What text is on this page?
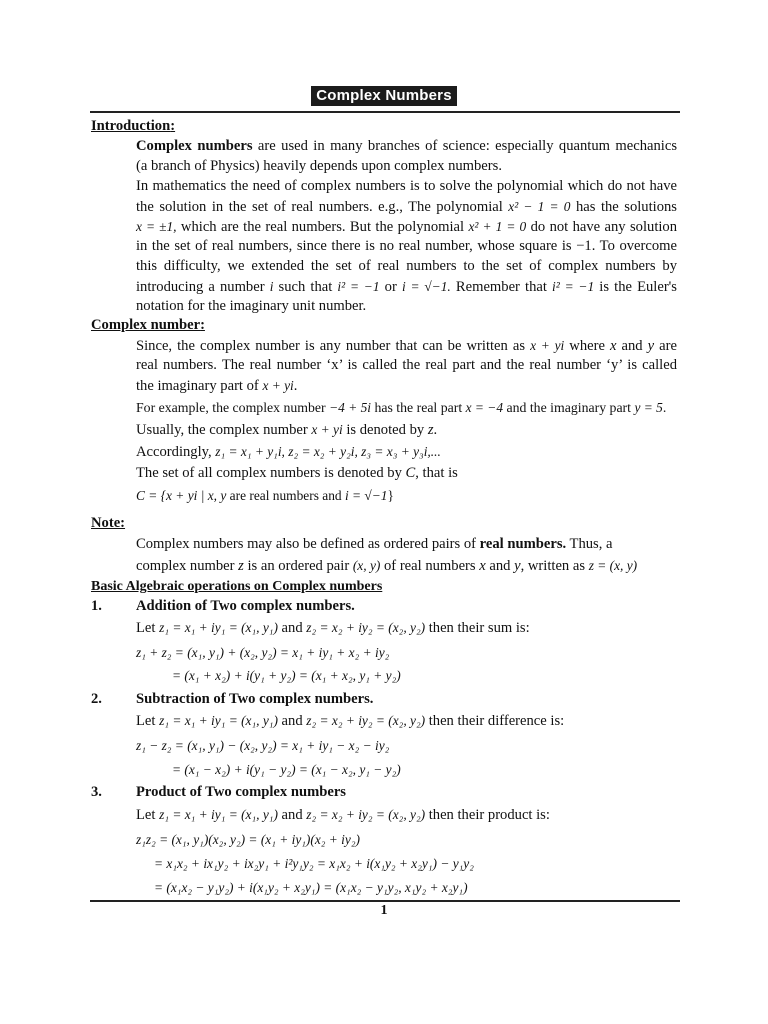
Complex Numbers
Introduction:
Complex numbers are used in many branches of science: especially quantum mechanics
(a branch of Physics) heavily depends upon complex numbers.
In mathematics the need of complex numbers is to solve the polynomial which do not have
the solution in the set of real numbers. e.g., The polynomial x² − 1 = 0 has the solutions
x = ±1, which are the real numbers. But the polynomial x² + 1 = 0 do not have any solution
in the set of real numbers, since there is no real number, whose square is −1. To overcome
this difficulty, we extended the set of real numbers to the set of complex numbers by
introducing a number i such that i² = −1 or i = √−1. Remember that i² = −1 is the Euler's
notation for the imaginary unit number.
Complex number:
Since, the complex number is any number that can be written as x + yi where x and y are
real numbers. The real number ‘x’ is called the real part and the real number ‘y’ is called
the imaginary part of x + yi.
For example, the complex number −4 + 5i has the real part x = −4 and the imaginary part y = 5.
Usually, the complex number x + yi is denoted by z.
Accordingly, z₁ = x₁ + y₁i, z₂ = x₂ + y₂i, z₃ = x₃ + y₃i,...
The set of all complex numbers is denoted by C, that is
C = {x + yi | x, y are real numbers and i = √−1}
Note:
Complex numbers may also be defined as ordered pairs of real numbers. Thus, a
complex number z is an ordered pair (x, y) of real numbers x and y, written as z = (x, y)
Basic Algebraic operations on Complex numbers
1. Addition of Two complex numbers.
Let z₁ = x₁ + iy₁ = (x₁, y₁) and z₂ = x₂ + iy₂ = (x₂, y₂) then their sum is:
z₁ + z₂ = (x₁, y₁) + (x₂, y₂) = x₁ + iy₁ + x₂ + iy₂
= (x₁ + x₂) + i(y₁ + y₂) = (x₁ + x₂, y₁ + y₂)
2. Subtraction of Two complex numbers.
Let z₁ = x₁ + iy₁ = (x₁, y₁) and z₂ = x₂ + iy₂ = (x₂, y₂) then their difference is:
z₁ − z₂ = (x₁, y₁) − (x₂, y₂) = x₁ + iy₁ − x₂ − iy₂
= (x₁ − x₂) + i(y₁ − y₂) = (x₁ − x₂, y₁ − y₂)
3. Product of Two complex numbers
Let z₁ = x₁ + iy₁ = (x₁, y₁) and z₂ = x₂ + iy₂ = (x₂, y₂) then their product is:
z₁z₂ = (x₁, y₁)(x₂, y₂) = (x₁ + iy₁)(x₂ + iy₂)
= x₁x₂ + ix₁y₂ + ix₂y₁ + i²y₁y₂ = x₁x₂ + i(x₁y₂ + x₂y₁) − y₁y₂
= (x₁x₂ − y₁y₂) + i(x₁y₂ + x₂y₁) = (x₁x₂ − y₁y₂, x₁y₂ + x₂y₁)
1
